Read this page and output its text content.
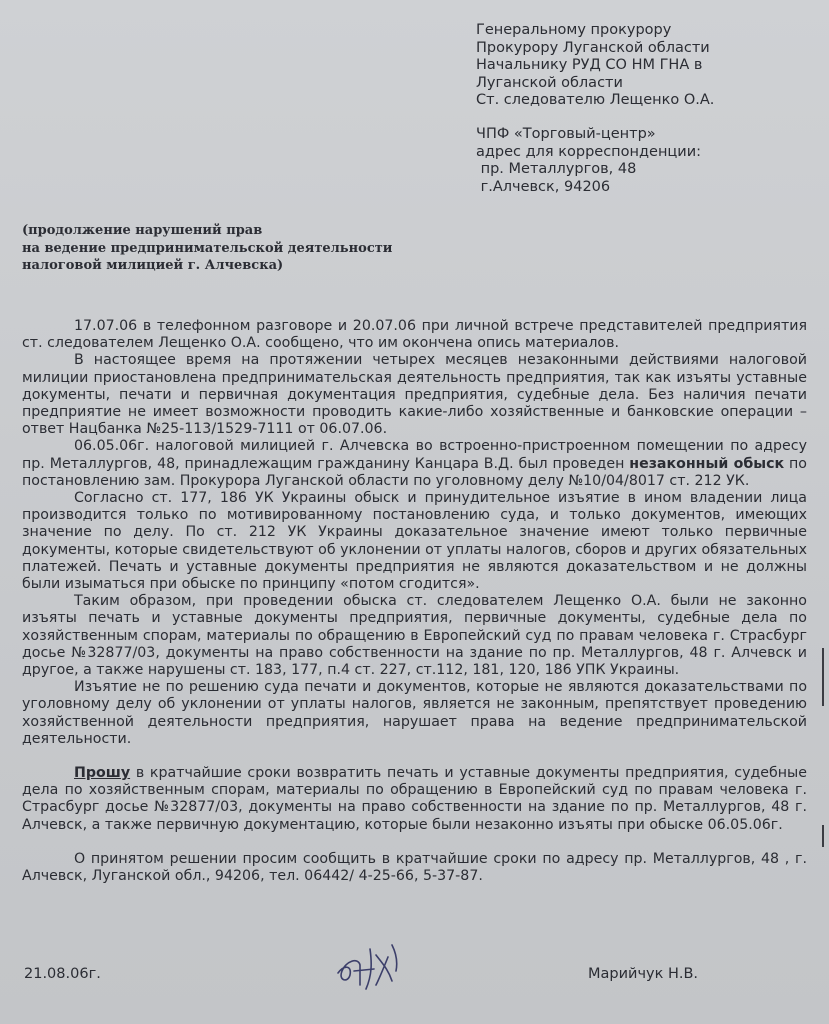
Генеральному прокурору
Прокурору Луганской области
Начальнику РУД СО НМ ГНА в
Луганской области
Ст. следователю Лещенко О.А.
ЧПФ «Торговый-центр»
адрес для корреспонденции:
пр. Металлургов, 48
г.Алчевск, 94206
(продолжение нарушений прав
на ведение предпринимательской деятельности
налоговой милицией г. Алчевска)

17.07.06 в телефонном разговоре и 20.07.06 при личной встрече представителей предприятия ст. следователем Лещенко О.А. сообщено, что им окончена опись материалов.

В настоящее время на протяжении четырех месяцев незаконными действиями налоговой милиции приостановлена предпринимательская деятельность предприятия, так как изъяты уставные документы, печати и первичная документация предприятия, судебные дела. Без наличия печати предприятие не имеет возможности проводить какие-либо хозяйственные и банковские операции – ответ Нацбанка №25-113/1529-7111 от 06.07.06.

06.05.06г. налоговой милицией г. Алчевска во встроенно-пристроенном помещении по адресу пр. Металлургов, 48, принадлежащим гражданину Канцара В.Д. был проведен незаконный обыск по постановлению зам. Прокурора Луганской области по уголовному делу №10/04/8017 ст. 212 УК.

Согласно ст. 177, 186 УК Украины обыск и принудительное изъятие в ином владении лица производится только по мотивированному постановлению суда, и только документов, имеющих значение по делу. По ст. 212 УК Украины доказательное значение имеют только первичные документы, которые свидетельствуют об уклонении от уплаты налогов, сборов и других обязательных платежей. Печать и уставные документы предприятия не являются доказательством и не должны были изыматься при обыске по принципу «потом сгодится».

Таким образом, при проведении обыска ст. следователем Лещенко О.А. были не законно изъяты печать и уставные документы предприятия, первичные документы, судебные дела по хозяйственным спорам, материалы по обращению в Европейский суд по правам человека г. Страсбург досье №32877/03, документы на право собственности на здание по пр. Металлургов, 48 г. Алчевск и другое, а также нарушены ст. 183, 177, п.4 ст. 227, ст.112, 181, 120, 186 УПК Украины.

Изъятие не по решению суда печати и документов, которые не являются доказательствами по уголовному делу об уклонении от уплаты налогов, является не законным, препятствует проведению хозяйственной деятельности предприятия, нарушает права на ведение предпринимательской деятельности.

Прошу в кратчайшие сроки возвратить печать и уставные документы предприятия, судебные дела по хозяйственным спорам, материалы по обращению в Европейский суд по правам человека г. Страсбург досье №32877/03, документы на право собственности на здание по пр. Металлургов, 48 г. Алчевск, а также первичную документацию, которые были незаконно изъяты при обыске 06.05.06г.

О принятом решении просим сообщить в кратчайшие сроки по адресу пр. Металлургов, 48 , г. Алчевск, Луганской обл., 94206, тел. 06442/ 4-25-66, 5-37-87.

21.08.06г.	Марийчук Н.В.
